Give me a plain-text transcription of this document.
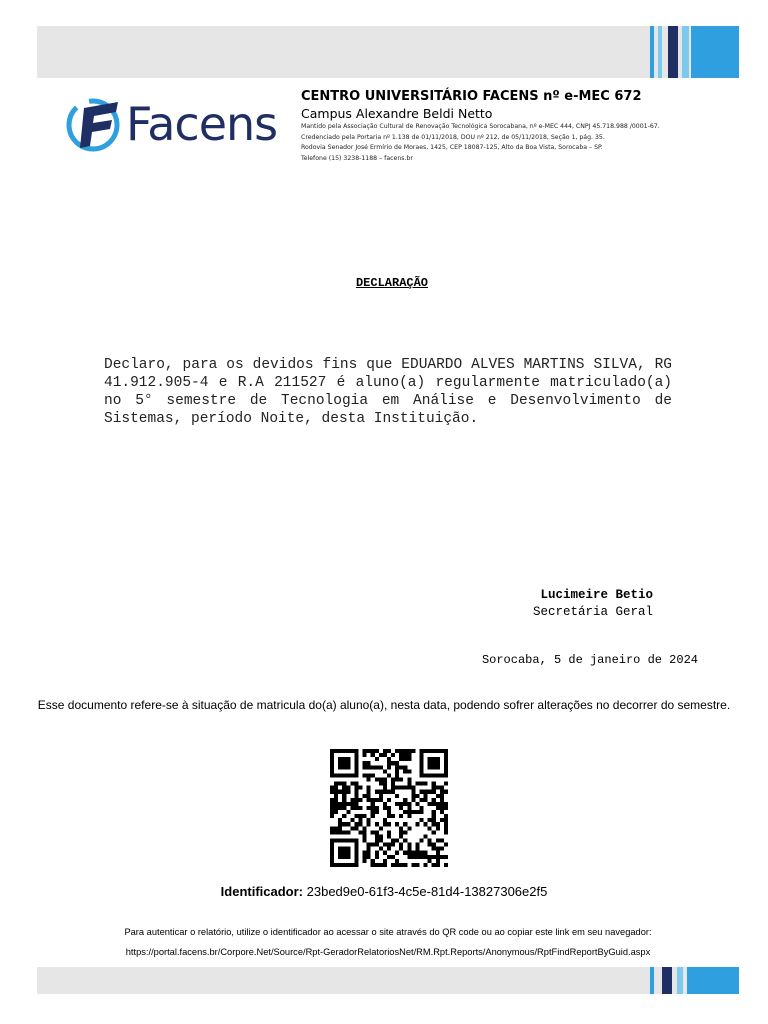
Facens
CENTRO UNIVERSITÁRIO FACENS nº e-MEC 672
Campus Alexandre Beldi Netto
Mantido pela Associação Cultural de Renovação Tecnológica Sorocabana, nº e-MEC 444, CNPJ 45.718.988 /0001-67.
Credenciado pela Portaria nº 1.138 de 01/11/2018, DOU nº 212, de 05/11/2018, Seção 1, pág. 35.
Rodovia Senador José Ermírio de Moraes, 1425, CEP 18087-125, Alto da Boa Vista, Sorocaba – SP.
Telefone (15) 3238-1188 – facens.br
DECLARAÇÃO
Declaro, para os devidos fins que EDUARDO ALVES MARTINS SILVA, RG 41.912.905-4 e R.A 211527 é aluno(a) regularmente matriculado(a) no 5° semestre de Tecnologia em Análise e Desenvolvimento de Sistemas, período Noite, desta Instituição.
Lucimeire Betio
Secretária Geral
Sorocaba, 5 de janeiro de 2024
Esse documento refere-se à situação de matricula do(a) aluno(a), nesta data, podendo sofrer alterações no decorrer do semestre.
Identificador: 23bed9e0-61f3-4c5e-81d4-13827306e2f5
Para autenticar o relatório, utilize o identificador ao acessar o site através do QR code ou ao copiar este link em seu navegador:
https://portal.facens.br/Corpore.Net/Source/Rpt-GeradorRelatoriosNet/RM.Rpt.Reports/Anonymous/RptFindReportByGuid.aspx
